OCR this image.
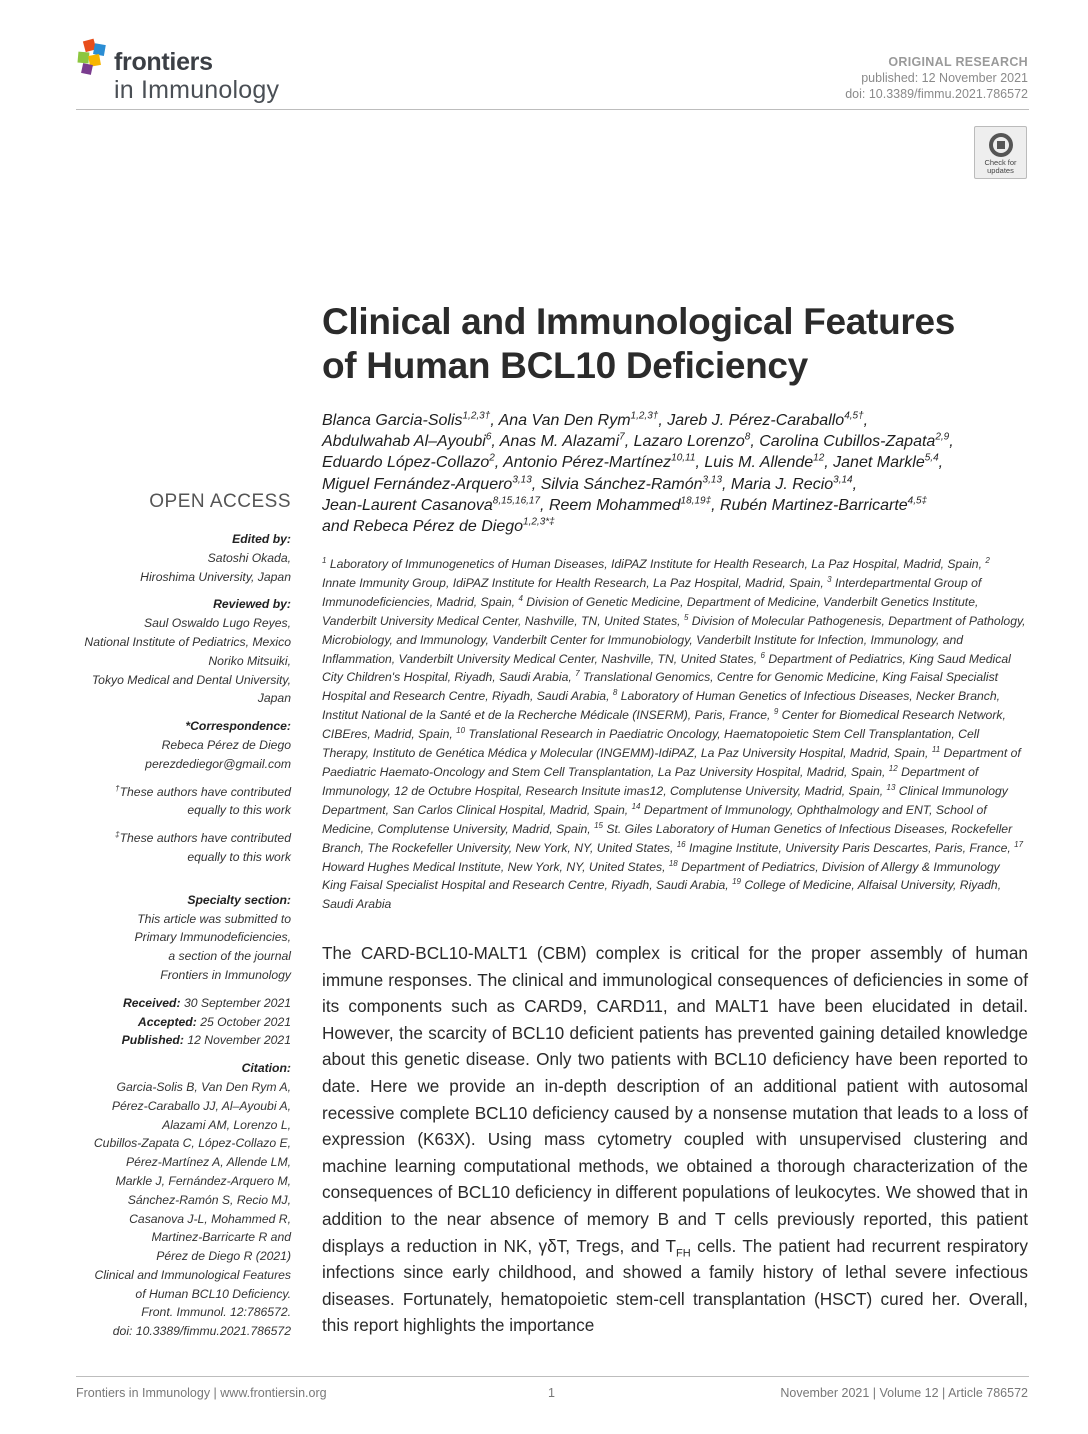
frontiers
in Immunology
ORIGINAL RESEARCH
published: 12 November 2021
doi: 10.3389/fimmu.2021.786572
Check for updates
Clinical and Immunological Features
of Human BCL10 Deficiency
Blanca Garcia-Solis$^{1,2,3\dagger}$, Ana Van Den Rym$^{1,2,3\dagger}$, Jareb J. Pérez-Caraballo$^{4,5\dagger}$,
Abdulwahab Al–Ayoubi$^6$, Anas M. Alazami$^7$, Lazaro Lorenzo$^8$, Carolina Cubillos-Zapata$^{2,9}$,
Eduardo López-Collazo$^2$, Antonio Pérez-Martínez$^{10,11}$, Luis M. Allende$^{12}$, Janet Markle$^{5,4}$,
Miguel Fernández-Arquero$^{3,13}$, Silvia Sánchez-Ramón$^{3,13}$, Maria J. Recio$^{3,14}$,
Jean-Laurent Casanova$^{8,15,16,17}$, Reem Mohammed$^{18,19\ddagger}$, Rubén Martinez-Barricarte$^{4,5\ddagger}$
and Rebeca Pérez de Diego$^{1,2,3*\ddagger}$
$^1$ Laboratory of Immunogenetics of Human Diseases, IdiPAZ Institute for Health Research, La Paz Hospital, Madrid, Spain, $^2$ Innate Immunity Group, IdiPAZ Institute for Health Research, La Paz Hospital, Madrid, Spain, $^3$ Interdepartmental Group of Immunodeficiencies, Madrid, Spain, $^4$ Division of Genetic Medicine, Department of Medicine, Vanderbilt Genetics Institute, Vanderbilt University Medical Center, Nashville, TN, United States, $^5$ Division of Molecular Pathogenesis, Department of Pathology, Microbiology, and Immunology, Vanderbilt Center for Immunobiology, Vanderbilt Institute for Infection, Immunology, and Inflammation, Vanderbilt University Medical Center, Nashville, TN, United States, $^6$ Department of Pediatrics, King Saud Medical City Children's Hospital, Riyadh, Saudi Arabia, $^7$ Translational Genomics, Centre for Genomic Medicine, King Faisal Specialist Hospital and Research Centre, Riyadh, Saudi Arabia, $^8$ Laboratory of Human Genetics of Infectious Diseases, Necker Branch, Institut National de la Santé et de la Recherche Médicale (INSERM), Paris, France, $^9$ Center for Biomedical Research Network, CIBEres, Madrid, Spain, $^{10}$ Translational Research in Paediatric Oncology, Haematopoietic Stem Cell Transplantation, Cell Therapy, Instituto de Genética Médica y Molecular (INGEMM)-IdiPAZ, La Paz University Hospital, Madrid, Spain, $^{11}$ Department of Paediatric Haemato-Oncology and Stem Cell Transplantation, La Paz University Hospital, Madrid, Spain, $^{12}$ Department of Immunology, 12 de Octubre Hospital, Research Insitute imas12, Complutense University, Madrid, Spain, $^{13}$ Clinical Immunology Department, San Carlos Clinical Hospital, Madrid, Spain, $^{14}$ Department of Immunology, Ophthalmology and ENT, School of Medicine, Complutense University, Madrid, Spain, $^{15}$ St. Giles Laboratory of Human Genetics of Infectious Diseases, Rockefeller Branch, The Rockefeller University, New York, NY, United States, $^{16}$ Imagine Institute, University Paris Descartes, Paris, France, $^{17}$ Howard Hughes Medical Institute, New York, NY, United States, $^{18}$ Department of Pediatrics, Division of Allergy & Immunology King Faisal Specialist Hospital and Research Centre, Riyadh, Saudi Arabia, $^{19}$ College of Medicine, Alfaisal University, Riyadh, Saudi Arabia
OPEN ACCESS
Edited by:
Satoshi Okada,
Hiroshima University, Japan
Reviewed by:
Saul Oswaldo Lugo Reyes,
National Institute of Pediatrics, Mexico
Noriko Mitsuiki,
Tokyo Medical and Dental University,
Japan
*Correspondence:
Rebeca Pérez de Diego
perezdediegor@gmail.com
†These authors have contributed
equally to this work
‡These authors have contributed
equally to this work
Specialty section:
This article was submitted to
Primary Immunodeficiencies,
a section of the journal
Frontiers in Immunology
Received: 30 September 2021
Accepted: 25 October 2021
Published: 12 November 2021
Citation:
Garcia-Solis B, Van Den Rym A,
Pérez-Caraballo JJ, Al–Ayoubi A,
Alazami AM, Lorenzo L,
Cubillos-Zapata C, López-Collazo E,
Pérez-Martínez A, Allende LM,
Markle J, Fernández-Arquero M,
Sánchez-Ramón S, Recio MJ,
Casanova J-L, Mohammed R,
Martinez-Barricarte R and
Pérez de Diego R (2021)
Clinical and Immunological Features
of Human BCL10 Deficiency.
Front. Immunol. 12:786572.
doi: 10.3389/fimmu.2021.786572
The CARD-BCL10-MALT1 (CBM) complex is critical for the proper assembly of human immune responses. The clinical and immunological consequences of deficiencies in some of its components such as CARD9, CARD11, and MALT1 have been elucidated in detail. However, the scarcity of BCL10 deficient patients has prevented gaining detailed knowledge about this genetic disease. Only two patients with BCL10 deficiency have been reported to date. Here we provide an in-depth description of an additional patient with autosomal recessive complete BCL10 deficiency caused by a nonsense mutation that leads to a loss of expression (K63X). Using mass cytometry coupled with unsupervised clustering and machine learning computational methods, we obtained a thorough characterization of the consequences of BCL10 deficiency in different populations of leukocytes. We showed that in addition to the near absence of memory B and T cells previously reported, this patient displays a reduction in NK, γδT, Tregs, and $T_{FH}$ cells. The patient had recurrent respiratory infections since early childhood, and showed a family history of lethal severe infectious diseases. Fortunately, hematopoietic stem-cell transplantation (HSCT) cured her. Overall, this report highlights the importance
Frontiers in Immunology | www.frontiersin.org	1	November 2021 | Volume 12 | Article 786572
